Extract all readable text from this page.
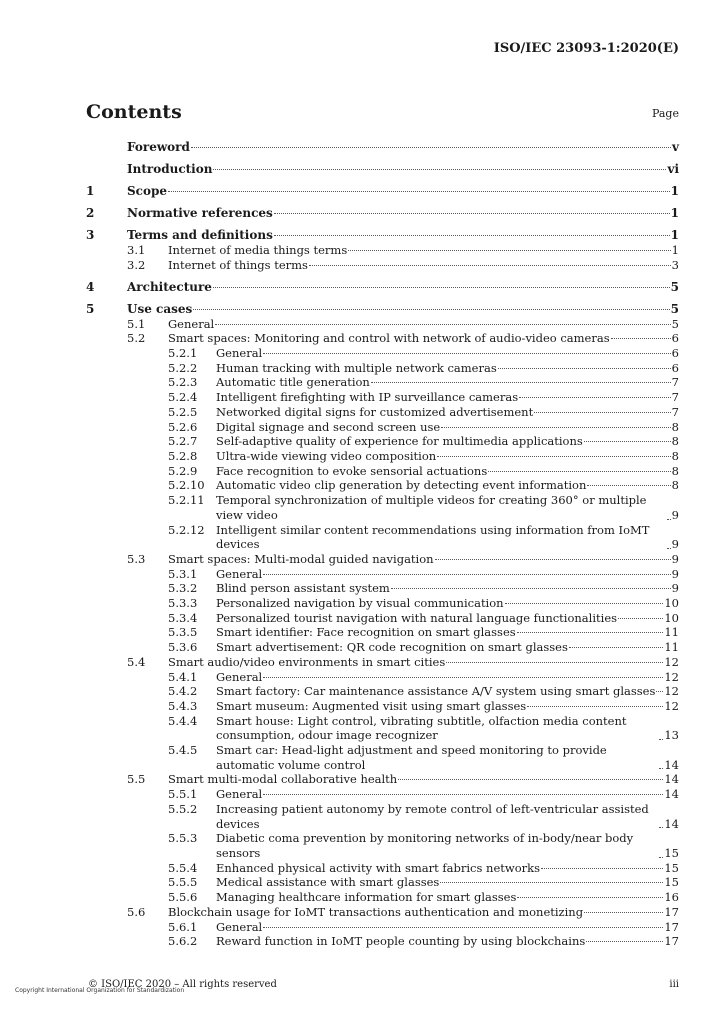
ISO/IEC 23093-1:2020(E)
Contents	Page
Foreword	v
Introduction	vi
1	Scope	1
2	Normative references	1
3	Terms and definitions	1
3.1	Internet of media things terms	1
3.2	Internet of things terms	3
4	Architecture	5
5	Use cases	5
5.1	General	5
5.2	Smart spaces: Monitoring and control with network of audio-video cameras	6
5.2.1	General	6
5.2.2	Human tracking with multiple network cameras	6
5.2.3	Automatic title generation	7
5.2.4	Intelligent firefighting with IP surveillance cameras	7
5.2.5	Networked digital signs for customized advertisement	7
5.2.6	Digital signage and second screen use	8
5.2.7	Self-adaptive quality of experience for multimedia applications	8
5.2.8	Ultra-wide viewing video composition	8
5.2.9	Face recognition to evoke sensorial actuations	8
5.2.10 Automatic video clip generation by detecting event information	8
5.2.11 Temporal synchronization of multiple videos for creating 360° or multiple view video	9
5.2.12 Intelligent similar content recommendations using information from IoMT devices	9
5.3	Smart spaces: Multi-modal guided navigation	9
5.3.1	General	9
5.3.2	Blind person assistant system	9
5.3.3	Personalized navigation by visual communication	10
5.3.4	Personalized tourist navigation with natural language functionalities	10
5.3.5	Smart identifier: Face recognition on smart glasses	11
5.3.6	Smart advertisement: QR code recognition on smart glasses	11
5.4	Smart audio/video environments in smart cities	12
5.4.1	General	12
5.4.2	Smart factory: Car maintenance assistance A/V system using smart glasses 12
5.4.3	Smart museum: Augmented visit using smart glasses	12
5.4.4	Smart house: Light control, vibrating subtitle, olfaction media content consumption, odour image recognizer	13
5.4.5	Smart car: Head-light adjustment and speed monitoring to provide automatic volume control	14
5.5	Smart multi-modal collaborative health	14
5.5.1	General	14
5.5.2	Increasing patient autonomy by remote control of left-ventricular assisted devices	14
5.5.3	Diabetic coma prevention by monitoring networks of in-body/near body sensors	15
5.5.4	Enhanced physical activity with smart fabrics networks	15
5.5.5	Medical assistance with smart glasses	15
5.5.6	Managing healthcare information for smart glasses	16
5.6	Blockchain usage for IoMT transactions authentication and monetizing	17
5.6.1	General	17
5.6.2	Reward function in IoMT people counting by using blockchains	17
Copyright International Organization for Standardization
© ISO/IEC 2020 – All rights reserved	iii
